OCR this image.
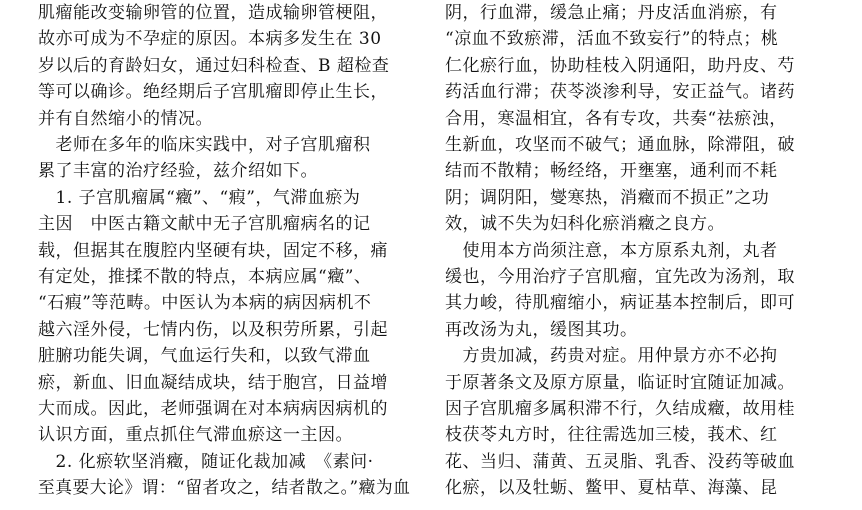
肌瘤能改变输卵管的位置，造成输卵管梗阻，
故亦可成为不孕症的原因。本病多发生在 30
岁以后的育龄妇女，通过妇科检查、B 超检查
等可以确诊。绝经期后子宫肌瘤即停止生长，
并有自然缩小的情况。
　老师在多年的临床实践中，对子宫肌瘤积
累了丰富的治疗经验，兹介绍如下。
　1. 子宫肌瘤属“癥”、“瘕”，气滞血瘀为
主因　中医古籍文献中无子宫肌瘤病名的记
载，但据其在腹腔内坚硬有块，固定不移，痛
有定处，推揉不散的特点，本病应属“癥”、
“石瘕”等范畴。中医认为本病的病因病机不
越六淫外侵，七情内伤，以及积劳所累，引起
脏腑功能失调，气血运行失和，以致气滞血
瘀，新血、旧血凝结成块，结于胞宫，日益增
大而成。因此，老师强调在对本病病因病机的
认识方面，重点抓住气滞血瘀这一主因。
　2. 化瘀软坚消癥，随证化裁加减　《素问·
至真要大论》谓：“留者攻之，结者散之。”癥为血
阴，行血滞，缓急止痛；丹皮活血消瘀，有
“凉血不致瘀滞，活血不致妄行”的特点；桃
仁化瘀行血，协助桂枝入阴通阳，助丹皮、芍
药活血行滞；茯苓淡渗利导，安正益气。诸药
合用，寒温相宜，各有专攻，共奏“祛瘀浊，
生新血，攻坚而不破气；通血脉，除滞阻，破
结而不散精；畅经络，开壅塞，通利而不耗
阴；调阴阳，燮寒热，消癥而不损正”之功
效，诚不失为妇科化瘀消癥之良方。
　使用本方尚须注意，本方原系丸剂，丸者
缓也，今用治疗子宫肌瘤，宜先改为汤剂，取
其力峻，待肌瘤缩小，病证基本控制后，即可
再改汤为丸，缓图其功。
　方贵加减，药贵对症。用仲景方亦不必拘
于原著条文及原方原量，临证时宜随证加减。
因子宫肌瘤多属积滞不行，久结成癥，故用桂
枝茯苓丸方时，往往需选加三棱，莪术、红
花、当归、蒲黄、五灵脂、乳香、没药等破血
化瘀，以及牡蛎、鳖甲、夏枯草、海藻、昆
